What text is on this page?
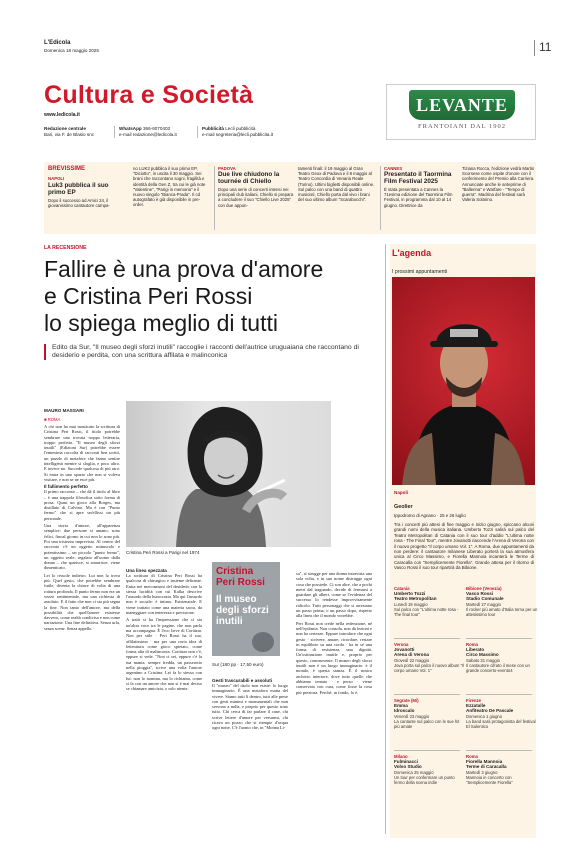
L'Edicola
Domenica 18 maggio 2025	11
Cultura e Società
www.ledicola.it
Redazione centrale
Bari, via F. de Blasio snc
WhatsApp 366-6070403
e-mail redazione@ledicola.it
Pubblicità Lecli pubblicità
e-mail segreteria@lecli.pubblicita.it
LEVANTE
FRANTOIANI DAL 1902
BREVISSIME
NAPOLI
Luk3 pubblica il suo primo EP
Dopo il successo ad Amici 24, il giovanissimo cantautore campa-
no LUK3 pubblica il suo primo EP, "Diciotto", in uscita il 30 maggio. Sei brani che raccontano sogni, fragilità e identità della Gen Z, tra cui le già note "Valentine", "Parigi in memoria" e il nuovo singolo "Bianca-Prada". Il cd autografato è già disponibile in pre-order.
PADOVA
Due live chiudono la tournée di Chiello
Dopo una serie di concerti intensi nei principali club italiani, Chiello si prepara a concludere il suo "Chiello Live 2025" con due appun-
tamenti finali: il 19 maggio al Gran Teatro Geox di Padova e il 8 maggio al Teatro Concordia di Venaria Reale (Torino). Ultimi biglietti disponibili online. Sul palco con una band di quattro musicisti, Chiello porta dal vivo i brani del suo ultimo album "Scarabocchi".
CANNES
Presentato il Taormina Film Festival 2025
È stata presentata a Cannes la 71esima edizione del Taormina Film Festival, in programma dal 10 al 14 giugno. Direttrice da
Tiziana Rocca, l'edizione vedrà Martin Scorsese come ospite d'onore con il conferimento del Premio alla Carriera. Annunciate anche le anteprime di "Ballerina" e Warfare - "Tempo di guerra". Madrina del festival sarà Valeria Solarino.
LA RECENSIONE
Fallire è una prova d'amore
e Cristina Peri Rossi
lo spiega meglio di tutti
Edito da Sur, "Il museo degli sforzi inutili" raccoglie i racconti dell'autrice uruguaiana che raccontano di desiderio e perdita, con una scrittura affilata e malinconica
MAURO MASSARI
■ ROMA

A chi non ha mai masticato la scrittura di Cristina Peri Rossi, il titolo potrebbe sembrare una trovata troppo letteraria, troppo perfetta. "Il museo degli sforzi inutili" (Edizioni Sur) potrebbe essere l'ennesima raccolta di racconti ben scritti, un puzzle di metafore che fanno sentire intelligenti mentre si sfoglia, e poco altro. E invece no. Succede qualcosa di più raro. Si entra in uno spazio che non si voleva visitare, e non se ne esce più.

Il fallimento perfetto

Il primo racconto – che dà il titolo al libro – è una trappola filosofica sotto forma di prosa. Quasi un gioco alla Borges, ma distillato di Calvino. Ma è con "Punto fermo" che si apre un'ellissi un più personale.

Una storia d'amore, all'apparenza semplice: due persone si amano, sono felici, finoal giorno in cui non lo sono più. Poi una tristezza imprevista. Al centro del racconto c'è un oggetto minuscolo e potentissimo – un piccolo "punto fermo", un oggetto reale, regalato all'uomo dalla donna – che sparisce, si smarrisce, viene dimenticato.

Lei lo rivuole indietro. Lui non lo trova più. Quel gesto, che potrebbe sembrare futile, diventa la chiave di volta di una rottura profonda. Il punto fermo non era un vezzo sentimentale, ma una richiesta di assoluto. E il fatto che non ci sia più segna la fine. Non tanto dell'amore, ma della possibilità che quell'amore esistesse davvero, come realtà condivisa e non come narrazione. Una fine definitiva. Senza urla, senza scene. Senza appello.

Cristina Peri Rossi a Parigi nel 1974
Una linea spezzata

La scrittura di Cristina Peri Rossi ha qualcosa di chirurgico e insieme delirante. Entra nei meccanismi del desiderio con la stessa lucidità con cui Kafka descrive l'assurdo della burocrazia. Ma qui l'assurdo non è sociale: è intimo. Esistenziale. E viene trattato come una materia sacra, da maneggiare con tenerezza e precisione.

A tratti si ha l'impressione che ci sia un'altra voce tra le pagine, che non parla ma accompagna. È l'eco lieve di Cortázar. Non per stile · Peri Rossi ha il suo, affilatissimo · ma per una certa idea di letteratura come gioco spietato, come forma alta di malinconia. Cortázar non c'è, eppure si vede. "Non ci sei, eppure c'è la tua mania, sempre fredda, un passerotto nella pioggia", scrive una volta l'autore argentino a Cristina. Lei fa lo stesso con lui: non lo nomina, ma lo richiama, come si fa con un amore che non si è mai deciso se chiamare amicizia, o solo niente.

Cristina
Peri Rossi
Il museo
degli sforzi
inutili
Sur (180 pp · 17,50 euro)
Gesti trascurabili e assoluti

Il "museo" del titolo non esiste: lo luogo immaginario. È una metafora esatta del vivere. Siamo tutti lì dentro, tutti alle prese con gesti minimi e monumentali che non servono a nulla, e proprio per questo sono tutto. Chi cerca di far parlare il cane, chi scrive lettere d'amore per versarmi, chi ricava un pozzo che si riempie d'acqua ogni notte. C'è l'uomo che, in "Monna Li-

sa", si strugge per una donna intravista una sola volta, e in suo nome distrugge ogni cosa che possiede. Ci son altre, che a pochi metri dal traguardo, decide di fermarsi a guardare gli alberi, come se l'evidenza del successo lo rendesse improvvisamente ridicolo. Tutti personaggi che si arrestano un passo prima, o un passo dopo, rispetto alla linea che il mondo vorrebbe.

Peri Rossi non crede nella redenzione, né nell'epifania. Non consola, non dà lezioni e non ha certezze. Eppure introduce che ogni gesto · scrivere, amare, ricordare, restare in equilibrio su una corda · ha in sé una forma di resistenza, una dignità. Un'ostinazione inutile e, proprio per questo, commovente. Il museo degli sforzi inutili non è un luogo immaginario: è il mondo, è questa stanza. È il nostro archivio interiore, dove tutto quello che abbiamo tentato · e perso · viene conservato con cura, come fosse la cosa più preziosa. Perché, in fondo, lo è.

L'agenda
I prossimi appuntamenti
Napoli
Geolier
Ippodromo di Agnano · 25 e 26 luglio
Tra i concerti più attesi di fine maggio e inizio giugno, spiccano alcuni grandi nomi della musica italiana. Umberto Tozzi salirà sul palco del Teatro Metropolitan di Catania con il suo tour d'addio "L'ultima notte rosa - The Final Tour", mentre Jovanotti riaccende l'Arena di Verona con il nuovo progetto "Il corpo umano Vol. 1". A Roma, due appuntamenti da non perdere: il cantautore milanese Liberato porterà la sua atmosfera unica al Circo Massimo, e Fiorella Mannoia incanterà le Terme di Caracalla con "Semplicemente Fiorella". Grande attesa per il ritorno di Vasco Rossi il suo tour ripartirà da Bibione.
Catania
Umberto Tozzi
Teatro Metropolitan
Lunedì 19 maggio
Sul palco con "L'ultima notte rosa - The final tour"
Bibione (Venezia)
Vasco Rossi
Stadio Comunale
Martedì 27 maggio
Il rocker più amato d'Italia torna per un attesissimo tour
Verona
Jovanotti
Arena di Verona
Giovedì 22 maggio
Jova porta sul palco il nuovo album "Il corpo umano Vol. 1"
Roma
Liberato
Circo Massimo
Sabato 31 maggio
Il cantautore cifrato il mese con un grande concerto-evento4
Segrate (Mi)
Emma
Idroscalo
Venerdì 23 maggio
La cantante sul palco con le sue hit più amate
Firenze
Ezzatalle
Anfiteatro De Pascale
Domenica 1 giugno
La band sarà protagonista del festival El Salentico
Milano
Fulminacci
Volvo Studio
Domenica 25 maggio
Un tour per confermare un punto fermo della scena indie
Roma
Fiorella Mannoia
Terme di Caracalla
Martedì 3 giugno
Mannoia in concerto con "Semplicemente Fiorella"
